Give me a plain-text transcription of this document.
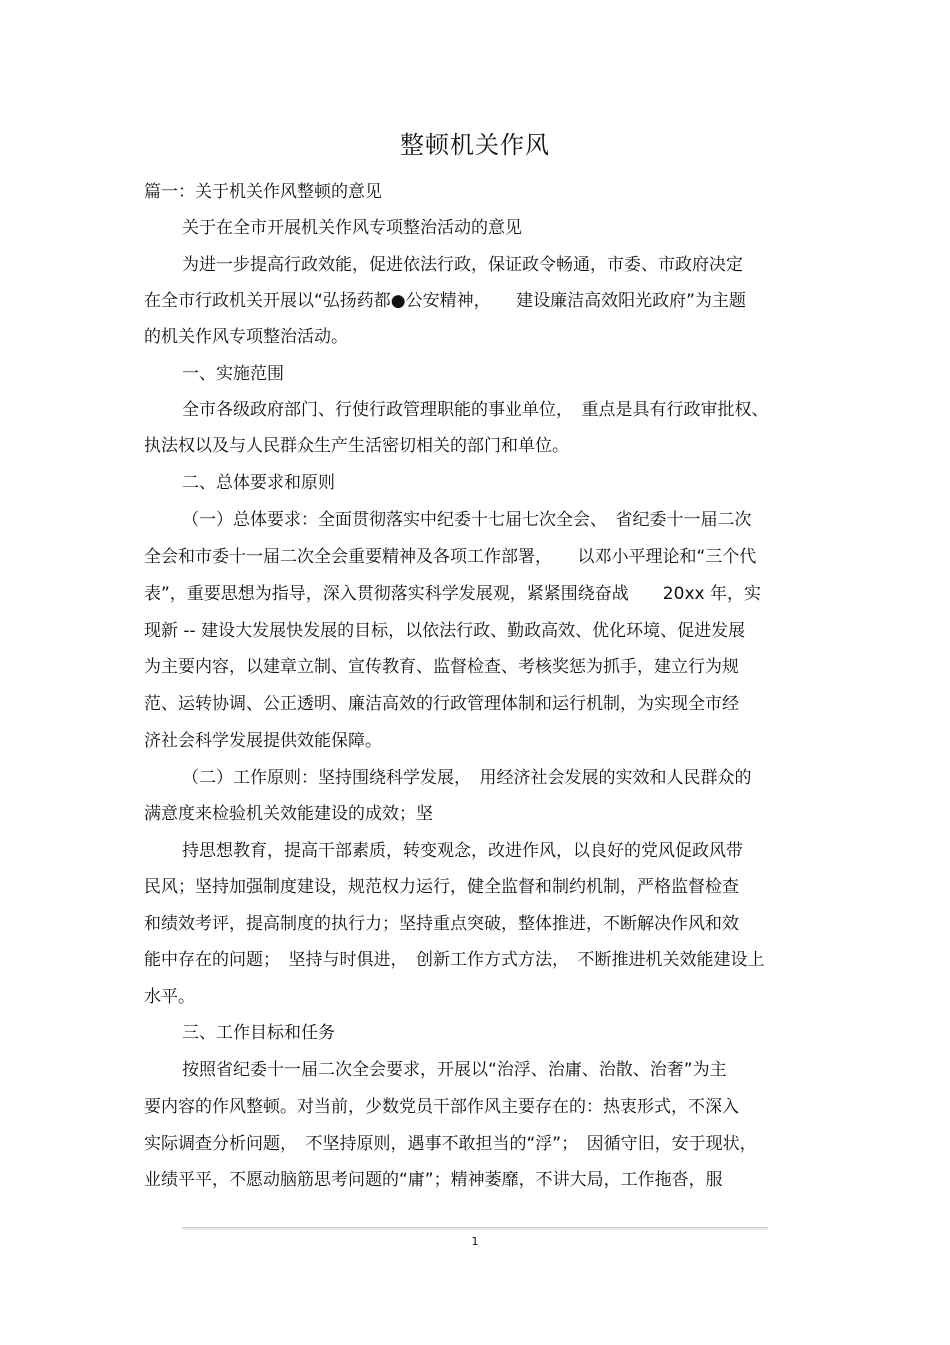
整顿机关作风

篇一：关于机关作风整顿的意见

关于在全市开展机关作风专项整治活动的意见

为进一步提高行政效能，促进依法行政，保证政令畅通，市委、市政府决定

在全市行政机关开展以“弘扬药都●公安精神，　　建设廉洁高效阳光政府”为主题

的机关作风专项整治活动。

一、实施范围

全市各级政府部门、行使行政管理职能的事业单位，　重点是具有行政审批权、

执法权以及与人民群众生产生活密切相关的部门和单位。

二、总体要求和原则

（一）总体要求：全面贯彻落实中纪委十七届七次全会、　省纪委十一届二次

全会和市委十一届二次全会重要精神及各项工作部署，　　以邓小平理论和“三个代

表”，重要思想为指导，深入贯彻落实科学发展观，紧紧围绕奋战　　20xx 年，实

现新 -- 建设大发展快发展的目标，以依法行政、勤政高效、优化环境、促进发展

为主要内容，以建章立制、宣传教育、监督检查、考核奖惩为抓手，建立行为规

范、运转协调、公正透明、廉洁高效的行政管理体制和运行机制，为实现全市经

济社会科学发展提供效能保障。

（二）工作原则：坚持围绕科学发展，　用经济社会发展的实效和人民群众的

满意度来检验机关效能建设的成效；坚

持思想教育，提高干部素质，转变观念，改进作风，以良好的党风促政风带

民风；坚持加强制度建设，规范权力运行，健全监督和制约机制，严格监督检查

和绩效考评，提高制度的执行力；坚持重点突破，整体推进，不断解决作风和效

能中存在的问题；　坚持与时俱进，　创新工作方式方法，　不断推进机关效能建设上

水平。

三、工作目标和任务

按照省纪委十一届二次全会要求，开展以“治浮、治庸、治散、治奢”为主

要内容的作风整顿。对当前，少数党员干部作风主要存在的：热衷形式，不深入

实际调查分析问题，　不坚持原则，遇事不敢担当的“浮”；　因循守旧，安于现状，

业绩平平，不愿动脑筋思考问题的“庸”；精神萎靡，不讲大局，工作拖沓，服

1
